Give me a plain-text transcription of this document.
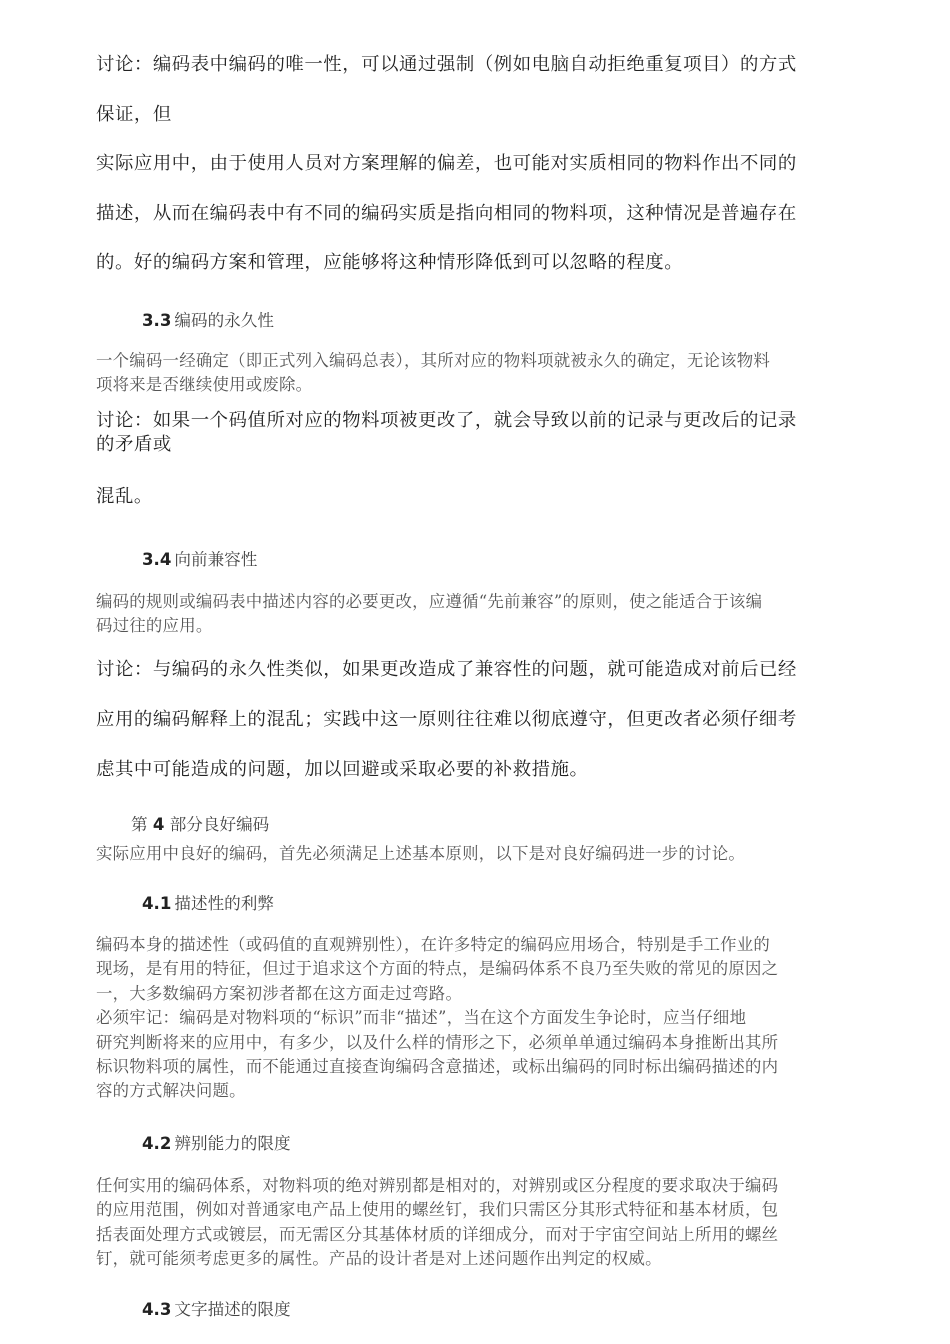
讨论：编码表中编码的唯一性，可以通过强制（例如电脑自动拒绝重复项目）的方式
保证，但
实际应用中，由于使用人员对方案理解的偏差，也可能对实质相同的物料作出不同的
描述，从而在编码表中有不同的编码实质是指向相同的物料项，这种情况是普遍存在
的。好的编码方案和管理，应能够将这种情形降低到可以忽略的程度。
3.3 编码的永久性
一个编码一经确定（即正式列入编码总表），其所对应的物料项就被永久的确定，无论该物料
项将来是否继续使用或废除。
讨论：如果一个码值所对应的物料项被更改了，就会导致以前的记录与更改后的记录
的矛盾或
混乱。
3.4 向前兼容性
编码的规则或编码表中描述内容的必要更改，应遵循“先前兼容”的原则，使之能适合于该编
码过往的应用。
讨论：与编码的永久性类似，如果更改造成了兼容性的问题，就可能造成对前后已经
应用的编码解释上的混乱；实践中这一原则往往难以彻底遵守，但更改者必须仔细考
虑其中可能造成的问题，加以回避或采取必要的补救措施。
第 4 部分良好编码
实际应用中良好的编码，首先必须满足上述基本原则，以下是对良好编码进一步的讨论。
4.1 描述性的利弊
编码本身的描述性（或码值的直观辨别性），在许多特定的编码应用场合，特别是手工作业的
现场，是有用的特征，但过于追求这个方面的特点，是编码体系不良乃至失败的常见的原因之
一，大多数编码方案初涉者都在这方面走过弯路。
必须牢记：编码是对物料项的“标识”而非“描述”，当在这个方面发生争论时，应当仔细地
研究判断将来的应用中，有多少，以及什么样的情形之下，必须单单通过编码本身推断出其所
标识物料项的属性，而不能通过直接查询编码含意描述，或标出编码的同时标出编码描述的内
容的方式解决问题。
4.2 辨别能力的限度
任何实用的编码体系，对物料项的绝对辨别都是相对的，对辨别或区分程度的要求取决于编码
的应用范围，例如对普通家电产品上使用的螺丝钉，我们只需区分其形式特征和基本材质，包
括表面处理方式或镀层，而无需区分其基体材质的详细成分，而对于宇宙空间站上所用的螺丝
钉，就可能须考虑更多的属性。产品的设计者是对上述问题作出判定的权威。
4.3 文字描述的限度
